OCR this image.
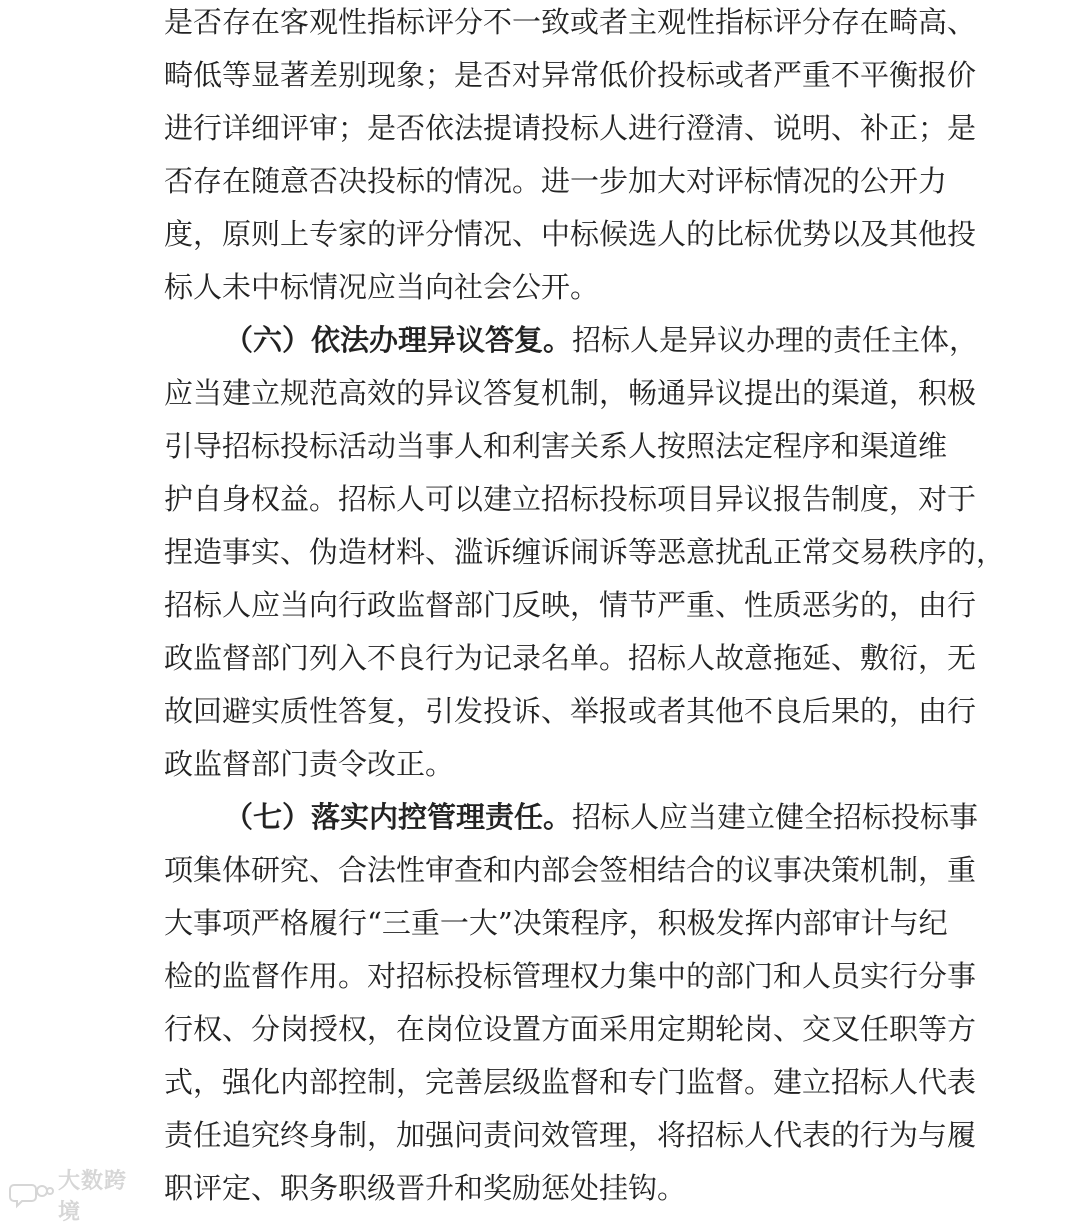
是否存在客观性指标评分不一致或者主观性指标评分存在畸高、
畸低等显著差别现象；是否对异常低价投标或者严重不平衡报价
进行详细评审；是否依法提请投标人进行澄清、说明、补正；是
否存在随意否决投标的情况。进一步加大对评标情况的公开力
度，原则上专家的评分情况、中标候选人的比标优势以及其他投
标人未中标情况应当向社会公开。
（六）依法办理异议答复。招标人是异议办理的责任主体，
应当建立规范高效的异议答复机制，畅通异议提出的渠道，积极
引导招标投标活动当事人和利害关系人按照法定程序和渠道维
护自身权益。招标人可以建立招标投标项目异议报告制度，对于
捏造事实、伪造材料、滥诉缠诉闹诉等恶意扰乱正常交易秩序的，
招标人应当向行政监督部门反映，情节严重、性质恶劣的，由行
政监督部门列入不良行为记录名单。招标人故意拖延、敷衍，无
故回避实质性答复，引发投诉、举报或者其他不良后果的，由行
政监督部门责令改正。
（七）落实内控管理责任。招标人应当建立健全招标投标事
项集体研究、合法性审查和内部会签相结合的议事决策机制，重
大事项严格履行“三重一大”决策程序，积极发挥内部审计与纪
检的监督作用。对招标投标管理权力集中的部门和人员实行分事
行权、分岗授权，在岗位设置方面采用定期轮岗、交叉任职等方
式，强化内部控制，完善层级监督和专门监督。建立招标人代表
责任追究终身制，加强问责问效管理，将招标人代表的行为与履
职评定、职务职级晋升和奖励惩处挂钩。
大数跨境
